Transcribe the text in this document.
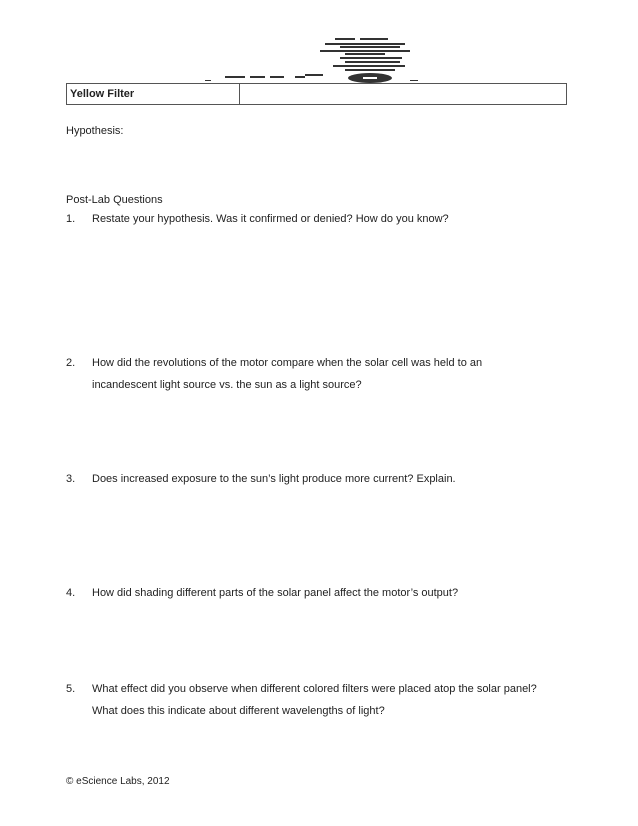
Yellow Filter
Hypothesis:
Post-Lab Questions
1.	Restate your hypothesis. Was it confirmed or denied? How do you know?
2.	How did the revolutions of the motor compare when the solar cell was held to an
incandescent light source vs. the sun as a light source?
3.	Does increased exposure to the sun’s light produce more current? Explain.
4.	How did shading different parts of the solar panel affect the motor’s output?
5.	What effect did you observe when different colored filters were placed atop the solar panel?
What does this indicate about different wavelengths of light?
© eScience Labs, 2012
